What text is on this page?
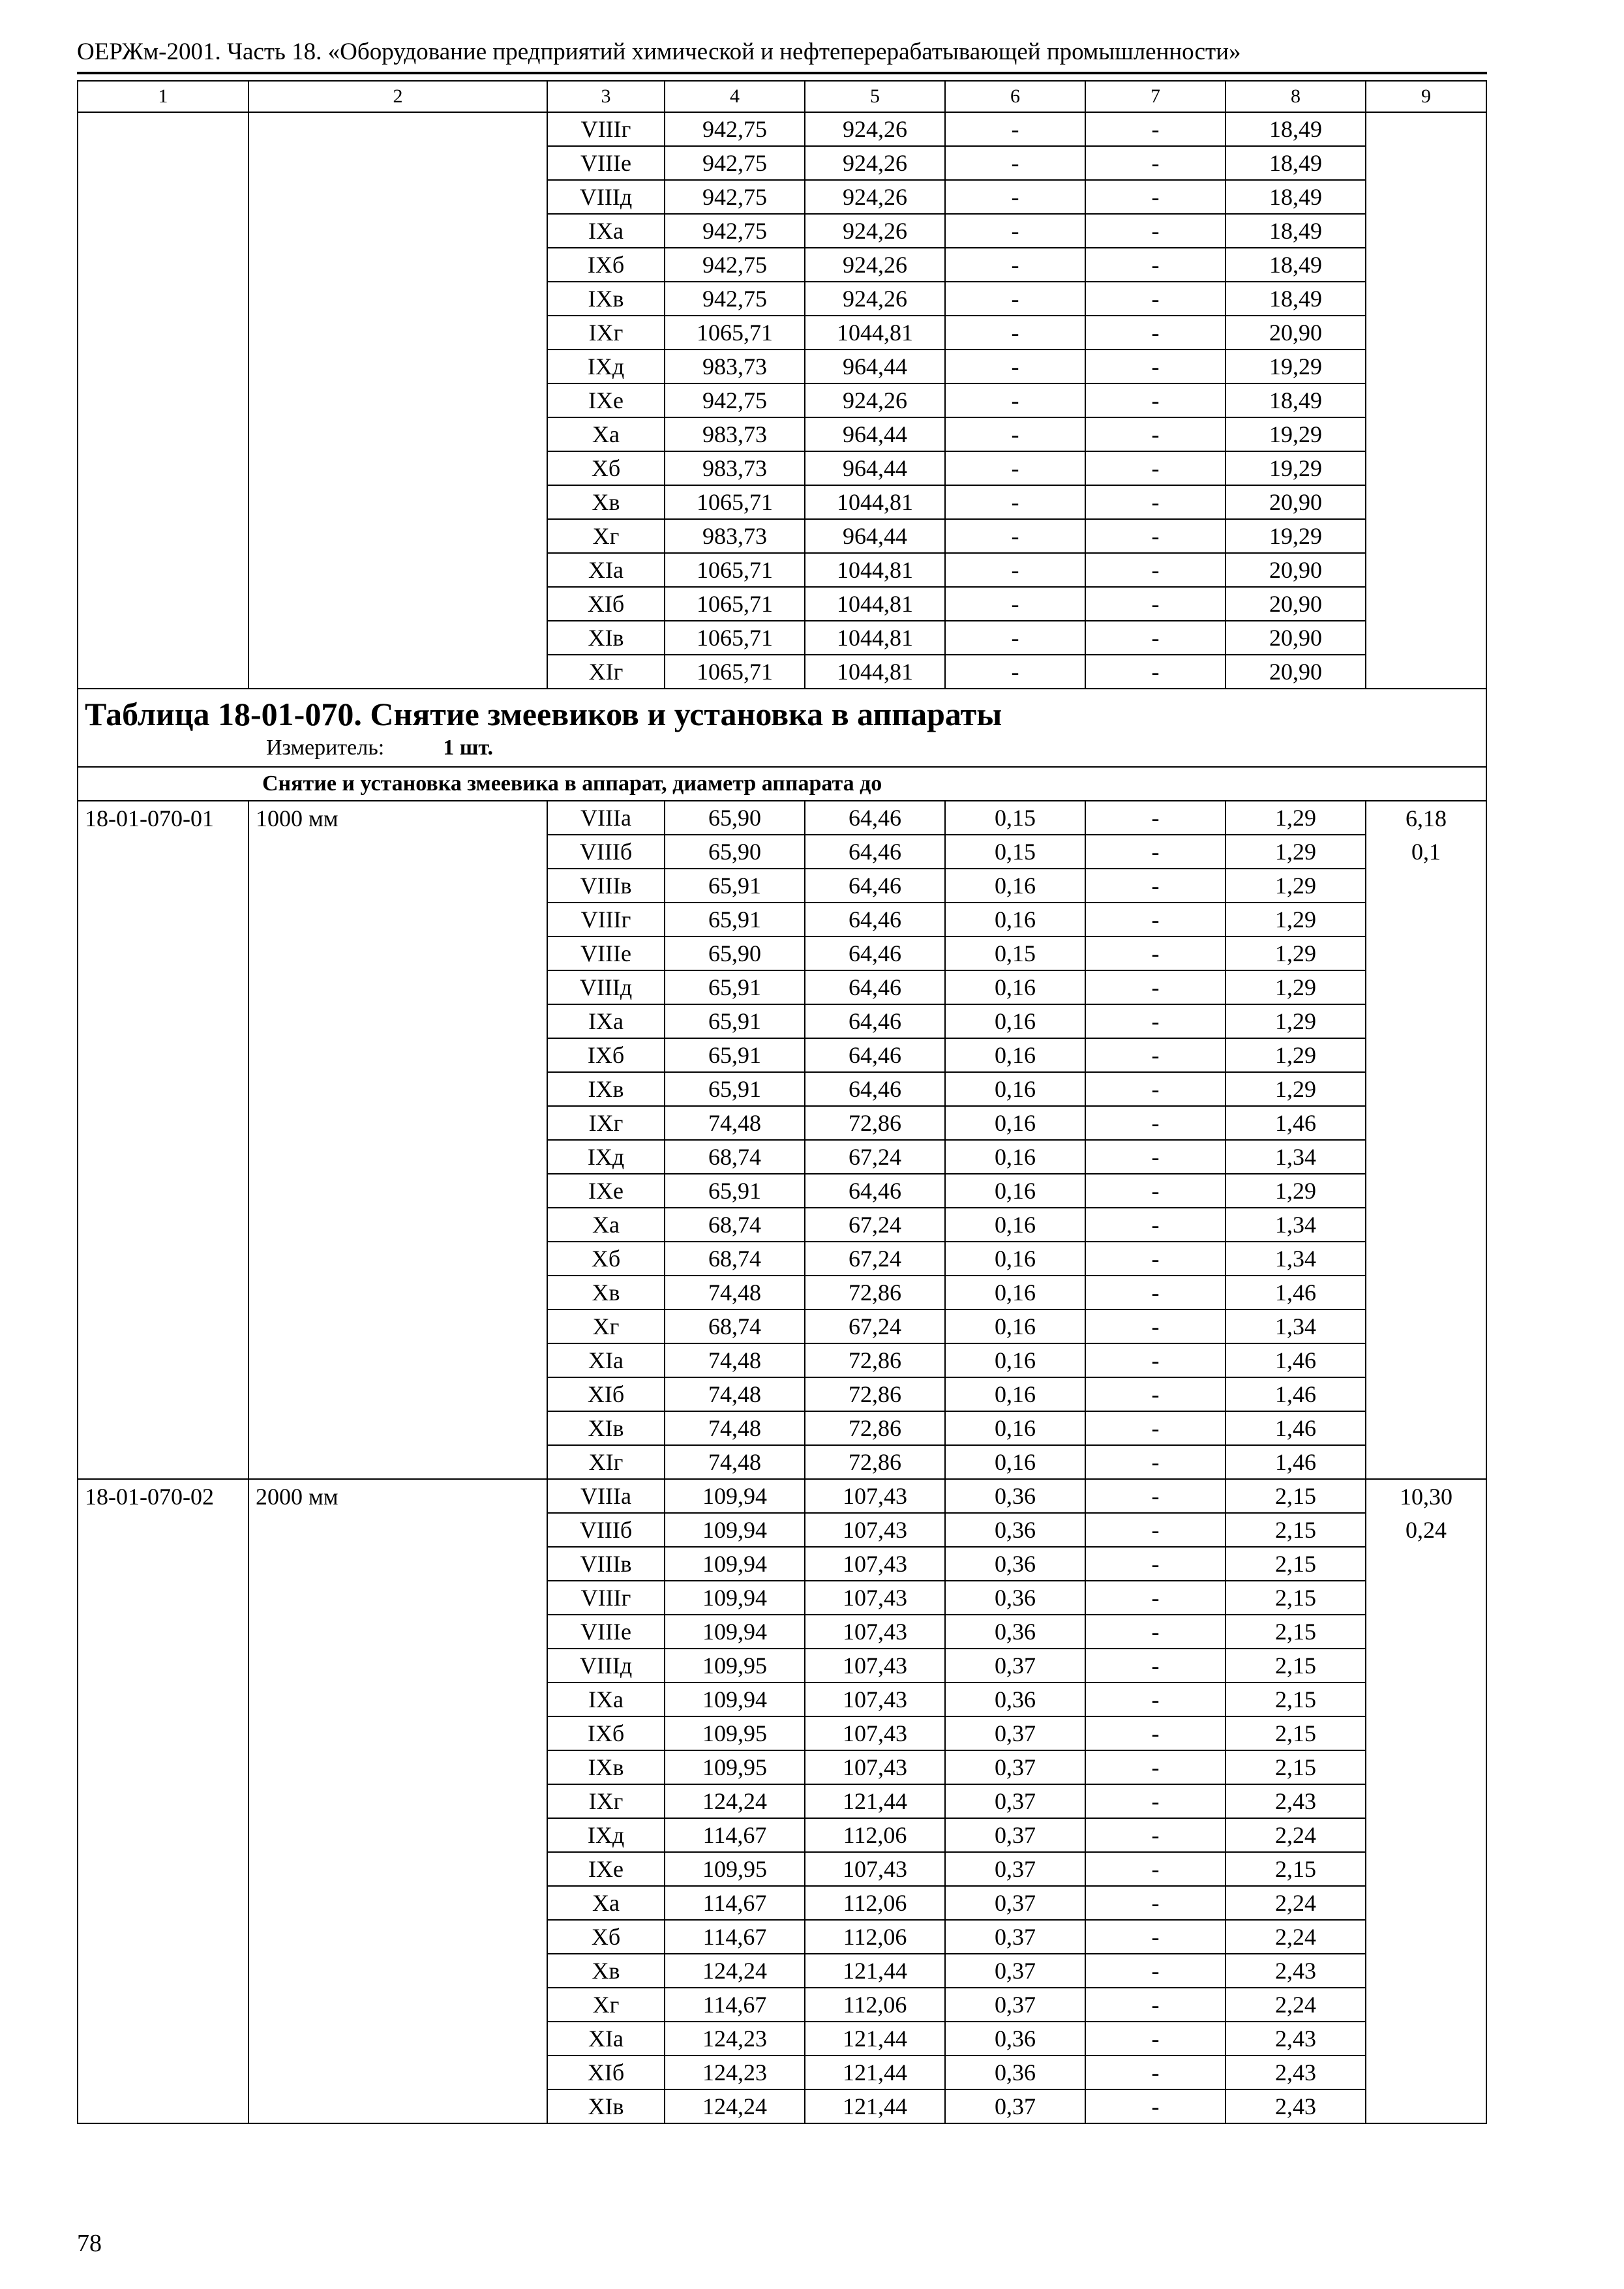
ОЕРЖм-2001. Часть 18. «Оборудование предприятий химической и нефтеперерабатывающей промышленности»
1	2	3	4	5	6	7	8	9
		VIIIг	942,75	924,26	-	-	18,49	
		VIIIe	942,75	924,26	-	-	18,49	
		VIIIд	942,75	924,26	-	-	18,49	
		IXa	942,75	924,26	-	-	18,49	
		IXб	942,75	924,26	-	-	18,49	
		IXв	942,75	924,26	-	-	18,49	
		IXг	1065,71	1044,81	-	-	20,90	
		IXд	983,73	964,44	-	-	19,29	
		IXe	942,75	924,26	-	-	18,49	
		Xa	983,73	964,44	-	-	19,29	
		Xб	983,73	964,44	-	-	19,29	
		Xв	1065,71	1044,81	-	-	20,90	
		Xг	983,73	964,44	-	-	19,29	
		XIa	1065,71	1044,81	-	-	20,90	
		XIб	1065,71	1044,81	-	-	20,90	
		XIв	1065,71	1044,81	-	-	20,90	
		XIг	1065,71	1044,81	-	-	20,90	

Таблица 18-01-070. Снятие змеевиков и установка в аппараты
Измеритель: 1 шт.								

Снятие и установка змеевика в аппарат, диаметр аппарата до								
18-01-070-01	1000 мм	VIIIa	65,90	64,46	0,15	-	1,29	6,18
		VIIIб	65,90	64,46	0,15	-	1,29	0,1
		VIIIв	65,91	64,46	0,16	-	1,29	
		VIIIг	65,91	64,46	0,16	-	1,29	
		VIIIe	65,90	64,46	0,15	-	1,29	
		VIIIд	65,91	64,46	0,16	-	1,29	
		IXa	65,91	64,46	0,16	-	1,29	
		IXб	65,91	64,46	0,16	-	1,29	
		IXв	65,91	64,46	0,16	-	1,29	
		IXг	74,48	72,86	0,16	-	1,46	
		IXд	68,74	67,24	0,16	-	1,34	
		IXe	65,91	64,46	0,16	-	1,29	
		Xa	68,74	67,24	0,16	-	1,34	
		Xб	68,74	67,24	0,16	-	1,34	
		Xв	74,48	72,86	0,16	-	1,46	
		Xг	68,74	67,24	0,16	-	1,34	
		XIa	74,48	72,86	0,16	-	1,46	
		XIб	74,48	72,86	0,16	-	1,46	
		XIв	74,48	72,86	0,16	-	1,46	
		XIг	74,48	72,86	0,16	-	1,46	
18-01-070-02	2000 мм	VIIIa	109,94	107,43	0,36	-	2,15	10,30
		VIIIб	109,94	107,43	0,36	-	2,15	0,24
		VIIIв	109,94	107,43	0,36	-	2,15	
		VIIIг	109,94	107,43	0,36	-	2,15	
		VIIIe	109,94	107,43	0,36	-	2,15	
		VIIIд	109,95	107,43	0,37	-	2,15	
		IXa	109,94	107,43	0,36	-	2,15	
		IXб	109,95	107,43	0,37	-	2,15	
		IXв	109,95	107,43	0,37	-	2,15	
		IXг	124,24	121,44	0,37	-	2,43	
		IXд	114,67	112,06	0,37	-	2,24	
		IXe	109,95	107,43	0,37	-	2,15	
		Xa	114,67	112,06	0,37	-	2,24	
		Xб	114,67	112,06	0,37	-	2,24	
		Xв	124,24	121,44	0,37	-	2,43	
		Xг	114,67	112,06	0,37	-	2,24	
		XIa	124,23	121,44	0,36	-	2,43	
		XIб	124,23	121,44	0,36	-	2,43	
		XIв	124,24	121,44	0,37	-	2,43	
78
